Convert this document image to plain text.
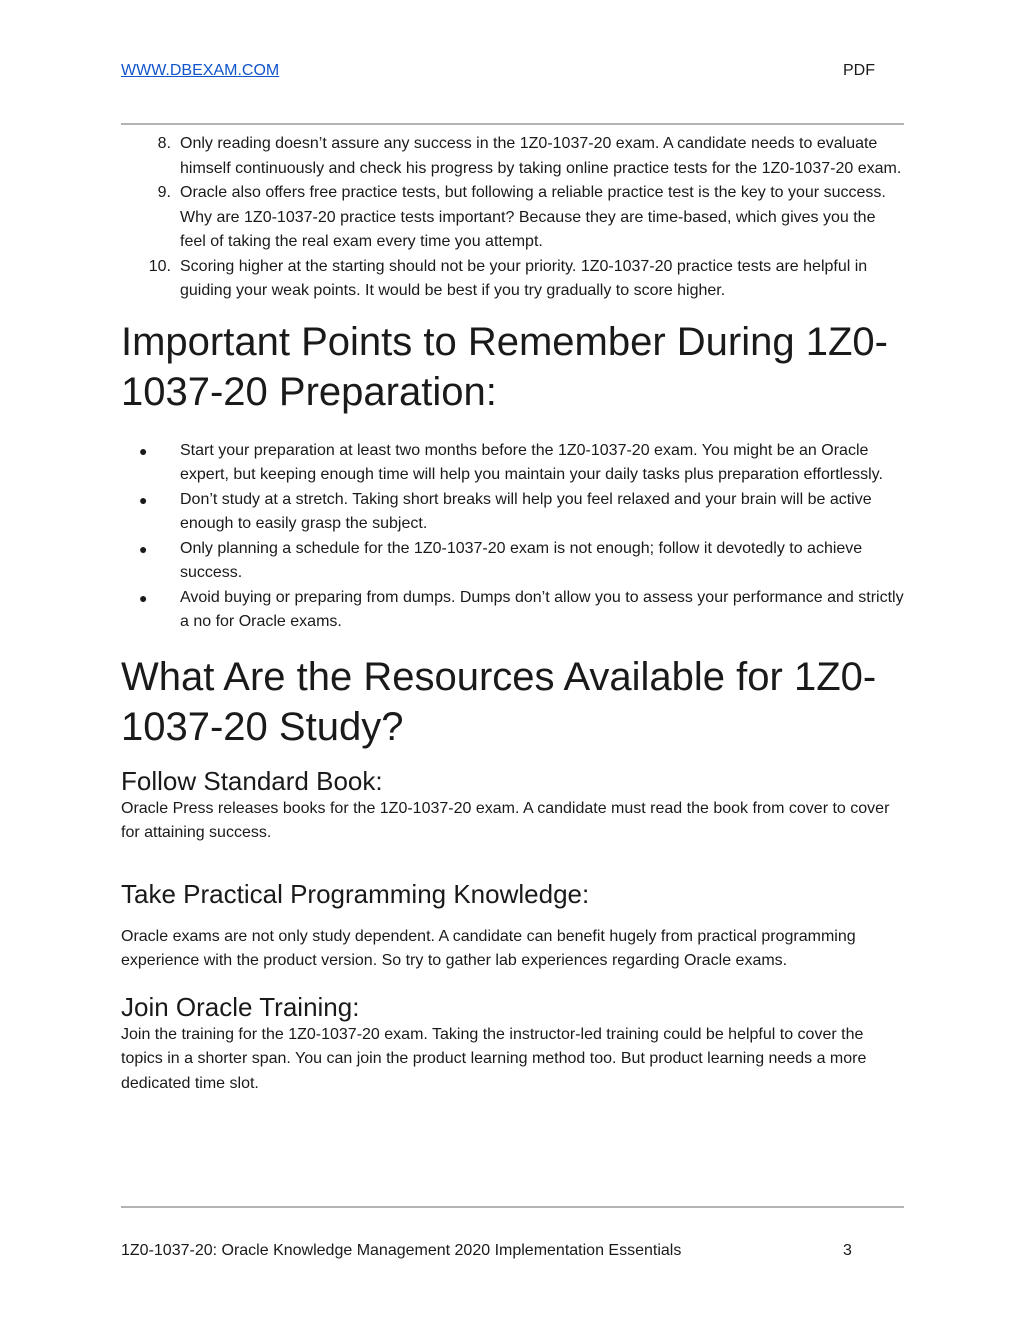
WWW.DBEXAM.COM	PDF
8. Only reading doesn’t assure any success in the 1Z0-1037-20 exam. A candidate needs to evaluate himself continuously and check his progress by taking online practice tests for the 1Z0-1037-20 exam.
9. Oracle also offers free practice tests, but following a reliable practice test is the key to your success. Why are 1Z0-1037-20 practice tests important? Because they are time-based, which gives you the feel of taking the real exam every time you attempt.
10. Scoring higher at the starting should not be your priority. 1Z0-1037-20 practice tests are helpful in guiding your weak points. It would be best if you try gradually to score higher.
Important Points to Remember During 1Z0-
1037-20 Preparation:
● Start your preparation at least two months before the 1Z0-1037-20 exam. You might be an Oracle expert, but keeping enough time will help you maintain your daily tasks plus preparation effortlessly.
● Don’t study at a stretch. Taking short breaks will help you feel relaxed and your brain will be active enough to easily grasp the subject.
● Only planning a schedule for the 1Z0-1037-20 exam is not enough; follow it devotedly to achieve success.
● Avoid buying or preparing from dumps. Dumps don’t allow you to assess your performance and strictly a no for Oracle exams.
What Are the Resources Available for 1Z0-
1037-20 Study?
Follow Standard Book:

Oracle Press releases books for the 1Z0-1037-20 exam. A candidate must read the book from cover to cover for attaining success.

Take Practical Programming Knowledge:

Oracle exams are not only study dependent. A candidate can benefit hugely from practical programming experience with the product version. So try to gather lab experiences regarding Oracle exams.

Join Oracle Training:

Join the training for the 1Z0-1037-20 exam. Taking the instructor-led training could be helpful to cover the topics in a shorter span. You can join the product learning method too. But product learning needs a more dedicated time slot.

1Z0-1037-20: Oracle Knowledge Management 2020 Implementation Essentials	3
